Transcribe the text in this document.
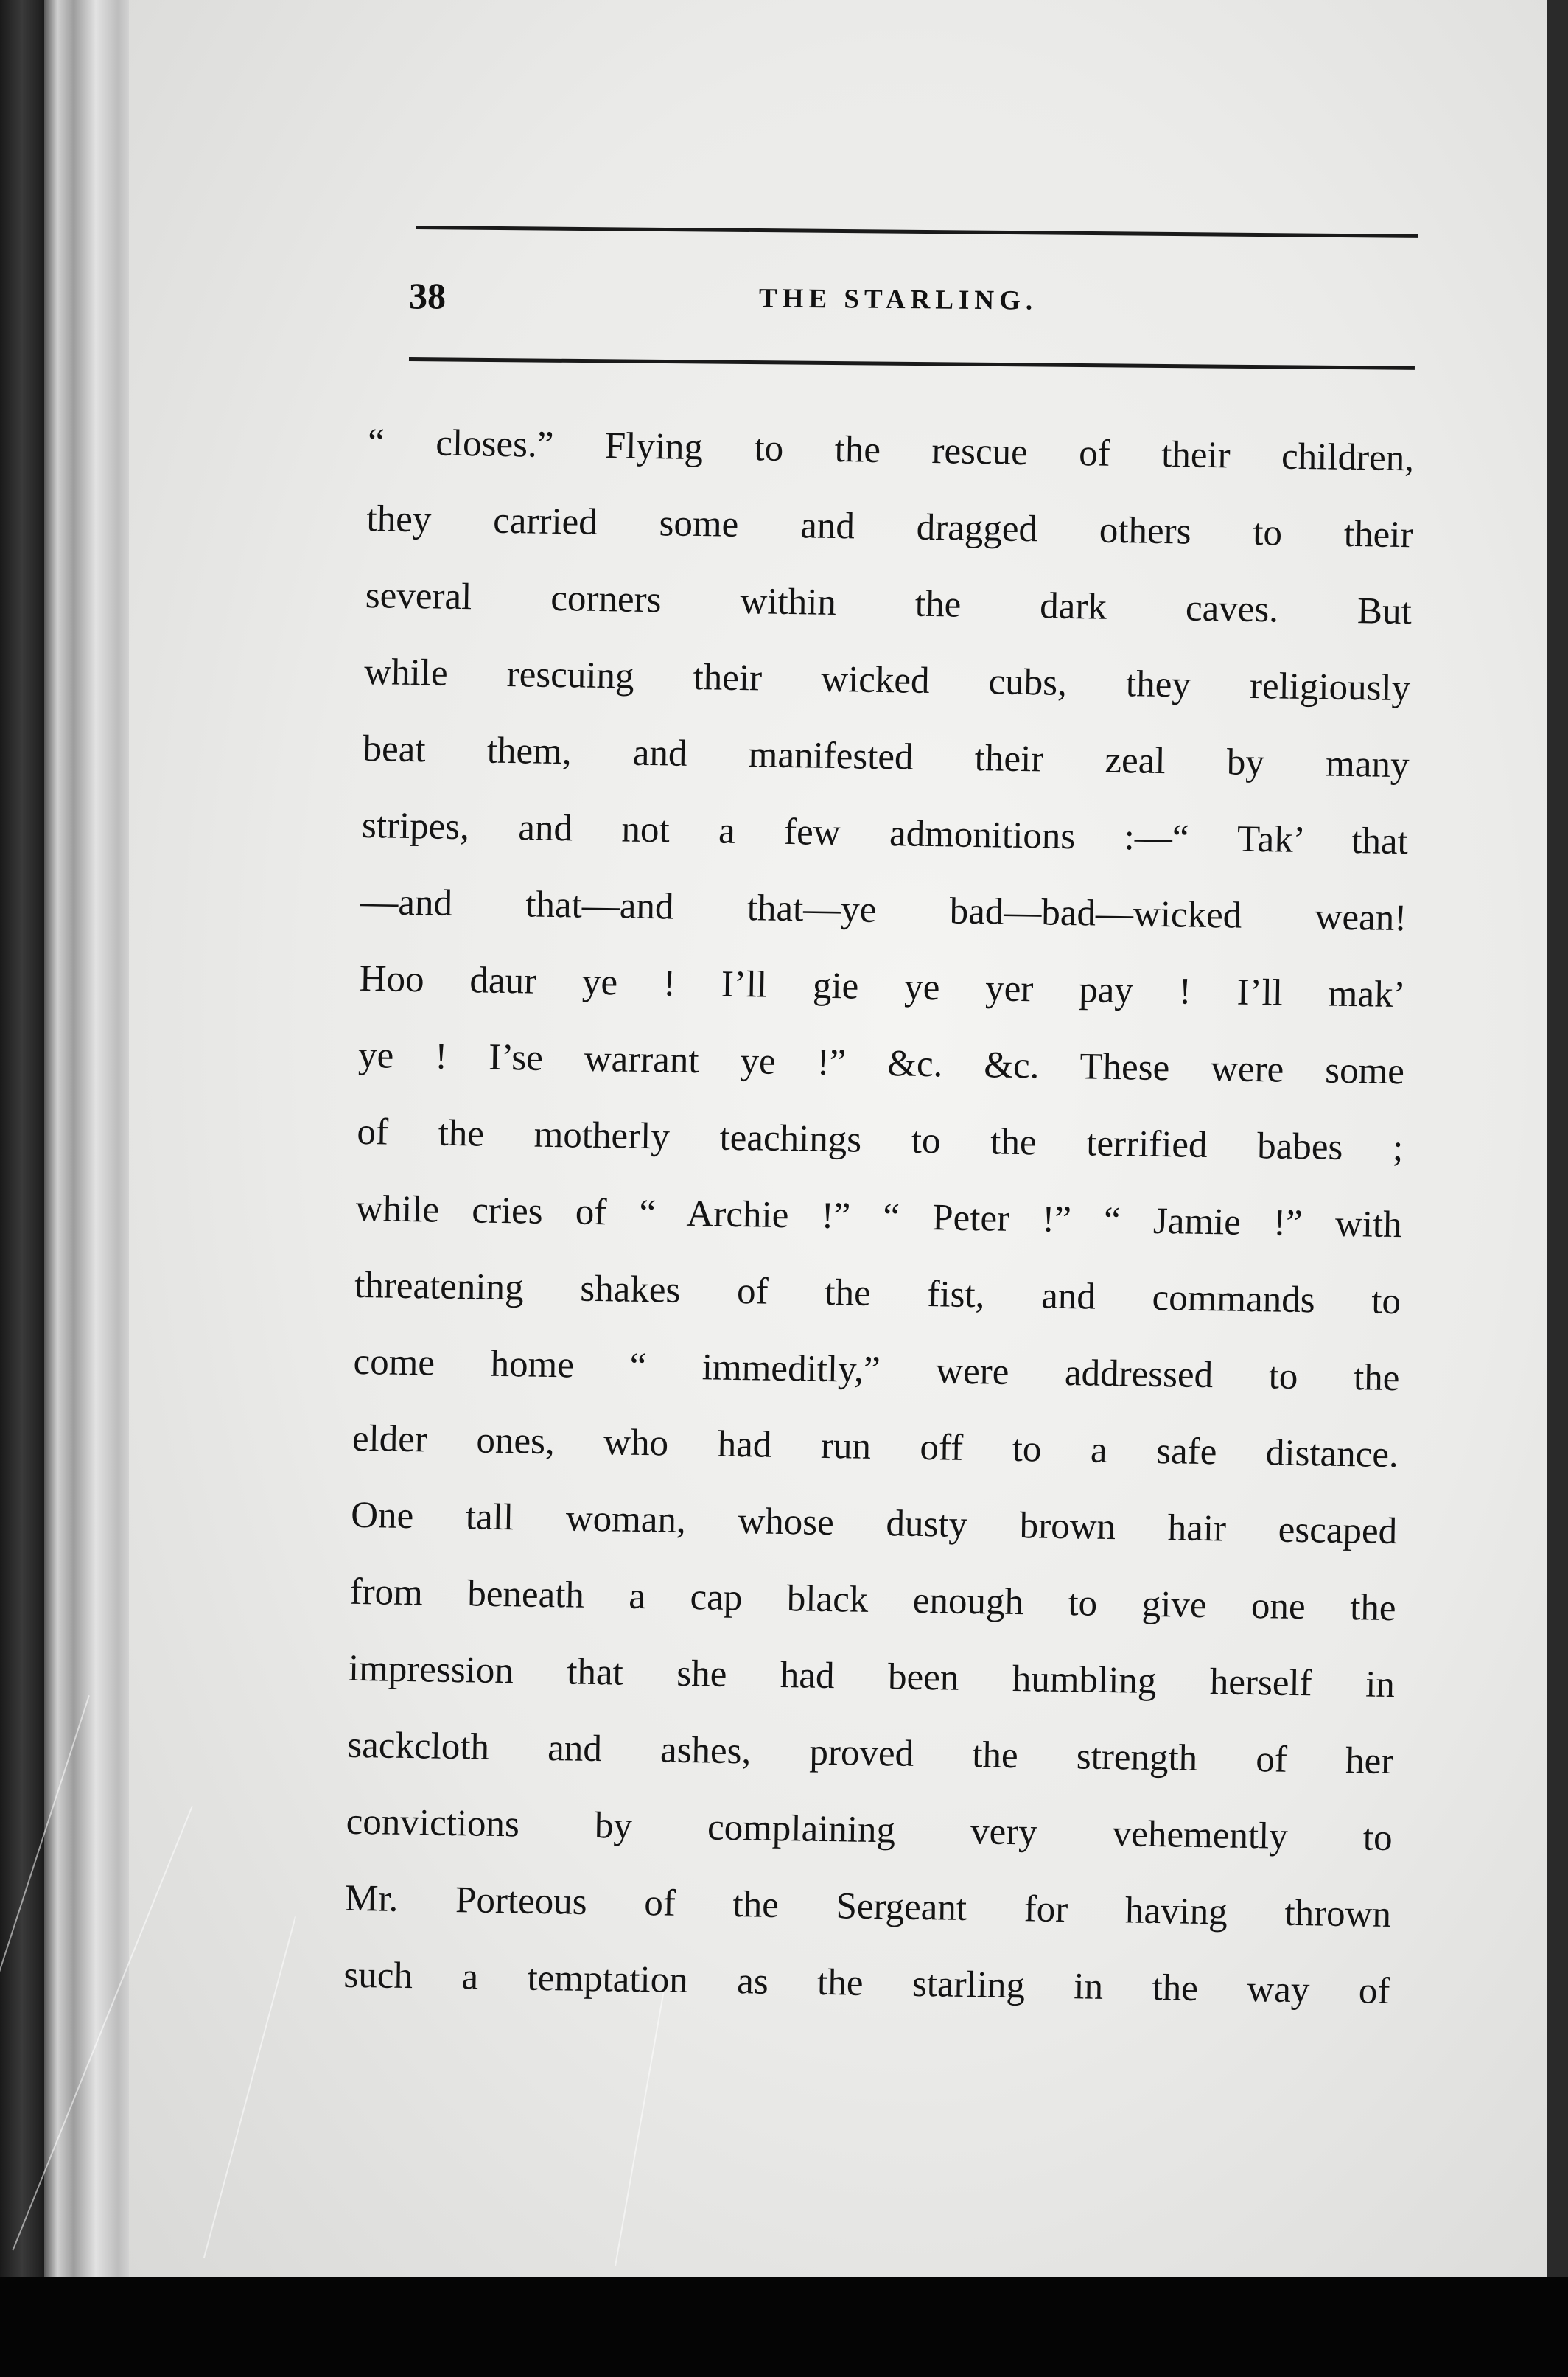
38	THE STARLING.
“ closes.” Flying to the rescue of their children,
they carried some and dragged others to their
several corners within the dark caves. But
while rescuing their wicked cubs, they religiously
beat them, and manifested their zeal by many
stripes, and not a few admonitions :—“ Tak’ that
—and that—and that—ye bad—bad—wicked wean!
Hoo daur ye ! I’ll gie ye yer pay ! I’ll mak’
ye ! I’se warrant ye !” &c. &c. These were some
of the motherly teachings to the terrified babes ;
while cries of “ Archie !” “ Peter !” “ Jamie !” with
threatening shakes of the fist, and commands to
come home “ immeditly,” were addressed to the
elder ones, who had run off to a safe distance.
One tall woman, whose dusty brown hair escaped
from beneath a cap black enough to give one the
impression that she had been humbling herself in
sackcloth and ashes, proved the strength of her
convictions by complaining very vehemently to
Mr. Porteous of the Sergeant for having thrown
such a temptation as the starling in the way of
